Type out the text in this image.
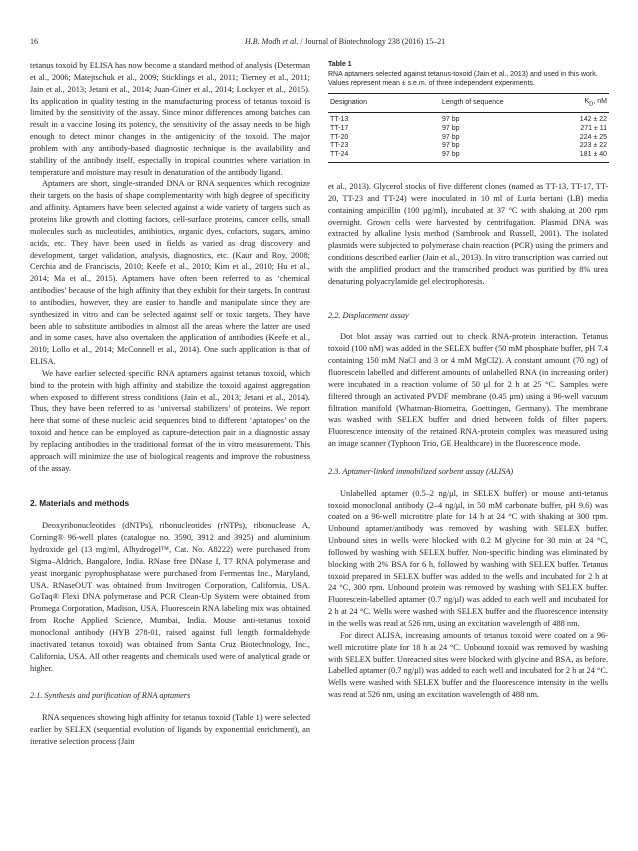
16	H.B. Modh et al. / Journal of Biotechnology 238 (2016) 15–21

tetanus toxoid by ELISA has now become a standard method of analysis (Determan et al., 2006; Matejtschuk et al., 2009; Sticklings et al., 2011; Tierney et al., 2011; Jain et al., 2013; Jetani et al., 2014; Juan-Giner et al., 2014; Lockyer et al., 2015). Its application in quality testing in the manufacturing process of tetanus toxoid is limited by the sensitivity of the assay. Since minor differences among batches can result in a vaccine losing its potency, the sensitivity of the assay needs to be high enough to detect minor changes in the antigenicity of the toxoid. The major problem with any antibody-based diagnostic technique is the availability and stability of the antibody itself, especially in tropical countries where variation in temperature and moisture may result in denaturation of the antibody ligand.

Aptamers are short, single-stranded DNA or RNA sequences which recognize their targets on the basis of shape complementarity with high degree of specificity and affinity. Aptamers have been selected against a wide variety of targets such as proteins like growth and clotting factors, cell-surface proteins, cancer cells, small molecules such as nucleotides, antibiotics, organic dyes, cofactors, sugars, amino acids, etc. They have been used in fields as varied as drug discovery and development, target validation, analysis, diagnostics, etc. (Kaur and Roy, 2008; Cerchia and de Franciscis, 2010; Keefe et al., 2010; Kim et al., 2010; Hu et al., 2014; Ma et al., 2015). Aptamers have often been referred to as ‘chemical antibodies’ because of the high affinity that they exhibit for their targets. In contrast to antibodies, however, they are easier to handle and manipulate since they are synthesized in vitro and can be selected against self or toxic targets. They have been able to substitute antibodies in almost all the areas where the latter are used and in some cases, have also overtaken the application of antibodies (Keefe et al., 2010; Lollo et al., 2014; McConnell et al., 2014). One such application is that of ELISA.

We have earlier selected specific RNA aptamers against tetanus toxoid, which bind to the protein with high affinity and stabilize the toxoid against aggregation when exposed to different stress conditions (Jain et al., 2013; Jetani et al., 2014). Thus, they have been referred to as ‘universal stabilizers’ of proteins. We report here that some of these nucleic acid sequences bind to different ‘aptatopes’ on the toxoid and hence can be employed as capture-detection pair in a diagnostic assay by replacing antibodies in the traditional format of the in vitro measurement. This approach will minimize the use of biological reagents and improve the robustness of the assay.

2. Materials and methods

Deoxyribonucleotides (dNTPs), ribonucleotides (rNTPs), ribonuclease A, Corning® 96-well plates (catalogue no. 3590, 3912 and 3925) and aluminium hydroxide gel (13 mg/ml, Alhydrogel™, Cat. No. A8222) were purchased from Sigma–Aldrich, Bangalore, India. RNase free DNase I, T7 RNA polymerase and yeast inorganic pyrophosphatase were purchased from Fermentas Inc., Maryland, USA. RNaseOUT was obtained from Invitrogen Corporation, California, USA. GoTaq® Flexi DNA polymerase and PCR Clean-Up System were obtained from Promega Corporation, Madison, USA. Fluorescein RNA labeling mix was obtained from Roche Applied Science, Mumbai, India. Mouse anti-tetanus toxoid monoclonal antibody (HYB 278-01, raised against full length formaldehyde inactivated tetanus toxoid) was obtained from Santa Cruz Biotechnology, Inc., California, USA. All other reagents and chemicals used were of analytical grade or higher.

2.1. Synthesis and purification of RNA aptamers

RNA sequences showing high affinity for tetanus toxoid (Table 1) were selected earlier by SELEX (sequential evolution of ligands by exponential enrichment), an iterative selection process (Jain

Table 1
RNA aptamers selected against tetanus-toxoid (Jain et al., 2013) and used in this work. Values represent mean ± s.e.m. of three independent experiments.
Designation	Length of sequence	$K_D$, nM
TT-13	97 bp	142 ± 22
TT-17	97 bp	271 ± 11
TT-20	97 bp	224 ± 25
TT-23	97 bp	223 ± 22
TT-24	97 bp	181 ± 40

et al., 2013). Glycerol stocks of five different clones (named as TT-13, TT-17, TT-20, TT-23 and TT-24) were inoculated in 10 ml of Luria bertani (LB) media containing ampicillin (100 μg/ml), incubated at 37 °C with shaking at 200 rpm overnight. Grown cells were harvested by centrifugation. Plasmid DNA was extracted by alkaline lysis method (Sambrook and Russell, 2001). The isolated plasmids were subjected to polymerase chain reaction (PCR) using the primers and conditions described earlier (Jain et al., 2013). In vitro transcription was carried out with the amplified product and the transcribed product was purified by 8% urea denaturing polyacrylamide gel electrophoresis.

2.2. Displacement assay

Dot blot assay was carried out to check RNA-protein interaction. Tetanus toxoid (100 nM) was added in the SELEX buffer (50 mM phosphate buffer, pH 7.4 containing 150 mM NaCl and 3 or 4 mM MgCl2). A constant amount (70 ng) of fluorescein labelled and different amounts of unlabelled RNA (in increasing order) were incubated in a reaction volume of 50 μl for 2 h at 25 °C. Samples were filtered through an activated PVDF membrane (0.45 μm) using a 96-well vacuum filtration manifold (Whatman-Biometra, Goettingen, Germany). The membrane was washed with SELEX buffer and dried between folds of filter papers. Fluorescence intensity of the retained RNA-protein complex was measured using an image scanner (Typhoon Trio, GE Healthcare) in the fluorescence mode.

2.3. Aptamer-linked immobilized sorbent assay (ALISA)

Unlabelled aptamer (0.5–2 ng/μl, in SELEX buffer) or mouse anti-tetanus toxoid monoclonal antibody (2–4 ng/μl, in 50 mM carbonate buffer, pH 9.6) was coated on a 96-well microtitre plate for 14 h at 24 °C with shaking at 300 rpm. Unbound aptamer/antibody was removed by washing with SELEX buffer. Unbound sites in wells were blocked with 0.2 M glycine for 30 min at 24 °C, followed by washing with SELEX buffer. Non-specific binding was eliminated by blocking with 2% BSA for 6 h, followed by washing with SELEX buffer. Tetanus toxoid prepared in SELEX buffer was added to the wells and incubated for 2 h at 24 °C, 300 rpm. Unbound protein was removed by washing with SELEX buffer. Fluorescein-labelled aptamer (0.7 ng/μl) was added to each well and incubated for 2 h at 24 °C. Wells were washed with SELEX buffer and the fluorescence intensity in the wells was read at 526 nm, using an excitation wavelength of 488 nm.

For direct ALISA, increasing amounts of tetanus toxoid were coated on a 96-well microtitre plate for 18 h at 24 °C. Unbound toxoid was removed by washing with SELEX buffer. Unreacted sites were blocked with glycine and BSA, as before. Labelled aptamer (0.7 ng/μl) was added to each well and incubated for 2 h at 24 °C. Wells were washed with SELEX buffer and the fluorescence intensity in the wells was read at 526 nm, using an excitation wavelength of 488 nm.
